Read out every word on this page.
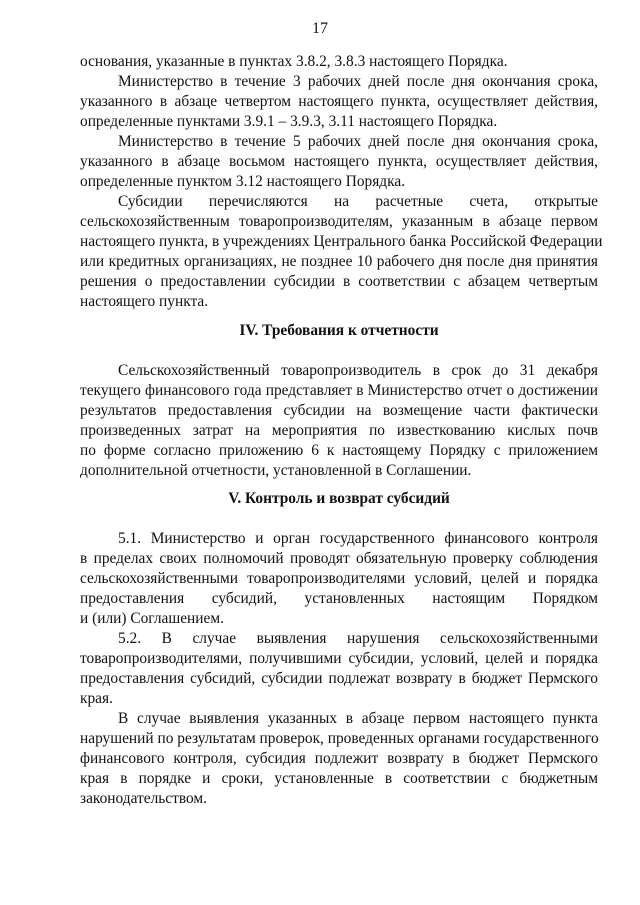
17
основания, указанные в пунктах 3.8.2, 3.8.3 настоящего Порядка.
Министерство в течение 3 рабочих дней после дня окончания срока,
указанного в абзаце четвертом настоящего пункта, осуществляет действия,
определенные пунктами 3.9.1 – 3.9.3, 3.11 настоящего Порядка.
Министерство в течение 5 рабочих дней после дня окончания срока,
указанного в абзаце восьмом настоящего пункта, осуществляет действия,
определенные пунктом 3.12 настоящего Порядка.
Субсидии перечисляются на расчетные счета, открытые
сельскохозяйственным товаропроизводителям, указанным в абзаце первом
настоящего пункта, в учреждениях Центрального банка Российской Федерации
или кредитных организациях, не позднее 10 рабочего дня после дня принятия
решения о предоставлении субсидии в соответствии с абзацем четвертым
настоящего пункта.
IV. Требования к отчетности
Сельскохозяйственный товаропроизводитель в срок до 31 декабря
текущего финансового года представляет в Министерство отчет о достижении
результатов предоставления субсидии на возмещение части фактически
произведенных затрат на мероприятия по известкованию кислых почв
по форме согласно приложению 6 к настоящему Порядку с приложением
дополнительной отчетности, установленной в Соглашении.
V. Контроль и возврат субсидий
5.1. Министерство и орган государственного финансового контроля
в пределах своих полномочий проводят обязательную проверку соблюдения
сельскохозяйственными товаропроизводителями условий, целей и порядка
предоставления субсидий, установленных настоящим Порядком
и (или) Соглашением.
5.2. В случае выявления нарушения сельскохозяйственными
товаропроизводителями, получившими субсидии, условий, целей и порядка
предоставления субсидий, субсидии подлежат возврату в бюджет Пермского
края.
В случае выявления указанных в абзаце первом настоящего пункта
нарушений по результатам проверок, проведенных органами государственного
финансового контроля, субсидия подлежит возврату в бюджет Пермского
края в порядке и сроки, установленные в соответствии с бюджетным
законодательством.
